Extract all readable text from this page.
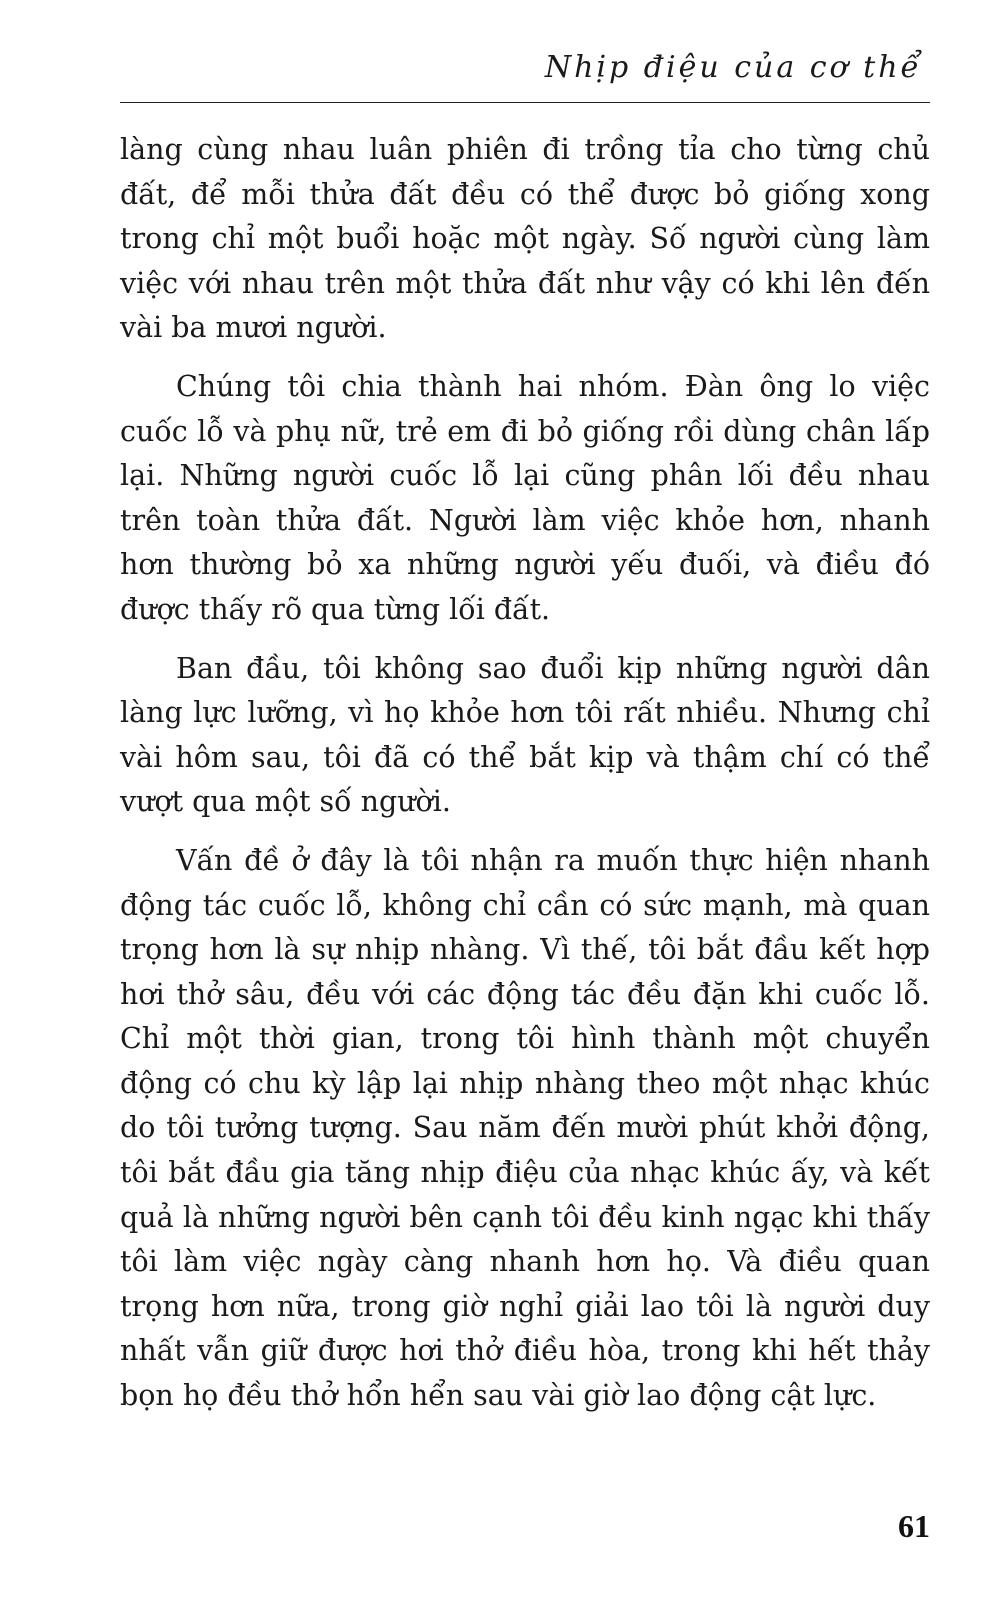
Nhịp điệu của cơ thể

làng cùng nhau luân phiên đi trồng tỉa cho từng chủ đất, để mỗi thửa đất đều có thể được bỏ giống xong trong chỉ một buổi hoặc một ngày. Số người cùng làm việc với nhau trên một thửa đất như vậy có khi lên đến vài ba mươi người.

Chúng tôi chia thành hai nhóm. Đàn ông lo việc cuốc lỗ và phụ nữ, trẻ em đi bỏ giống rồi dùng chân lấp lại. Những người cuốc lỗ lại cũng phân lối đều nhau trên toàn thửa đất. Người làm việc khỏe hơn, nhanh hơn thường bỏ xa những người yếu đuối, và điều đó được thấy rõ qua từng lối đất.

Ban đầu, tôi không sao đuổi kịp những người dân làng lực lưỡng, vì họ khỏe hơn tôi rất nhiều. Nhưng chỉ vài hôm sau, tôi đã có thể bắt kịp và thậm chí có thể vượt qua một số người.

Vấn đề ở đây là tôi nhận ra muốn thực hiện nhanh động tác cuốc lỗ, không chỉ cần có sức mạnh, mà quan trọng hơn là sự nhịp nhàng. Vì thế, tôi bắt đầu kết hợp hơi thở sâu, đều với các động tác đều đặn khi cuốc lỗ. Chỉ một thời gian, trong tôi hình thành một chuyển động có chu kỳ lập lại nhịp nhàng theo một nhạc khúc do tôi tưởng tượng. Sau năm đến mười phút khởi động, tôi bắt đầu gia tăng nhịp điệu của nhạc khúc ấy, và kết quả là những người bên cạnh tôi đều kinh ngạc khi thấy tôi làm việc ngày càng nhanh hơn họ. Và điều quan trọng hơn nữa, trong giờ nghỉ giải lao tôi là người duy nhất vẫn giữ được hơi thở điều hòa, trong khi hết thảy bọn họ đều thở hổn hển sau vài giờ lao động cật lực.

61
